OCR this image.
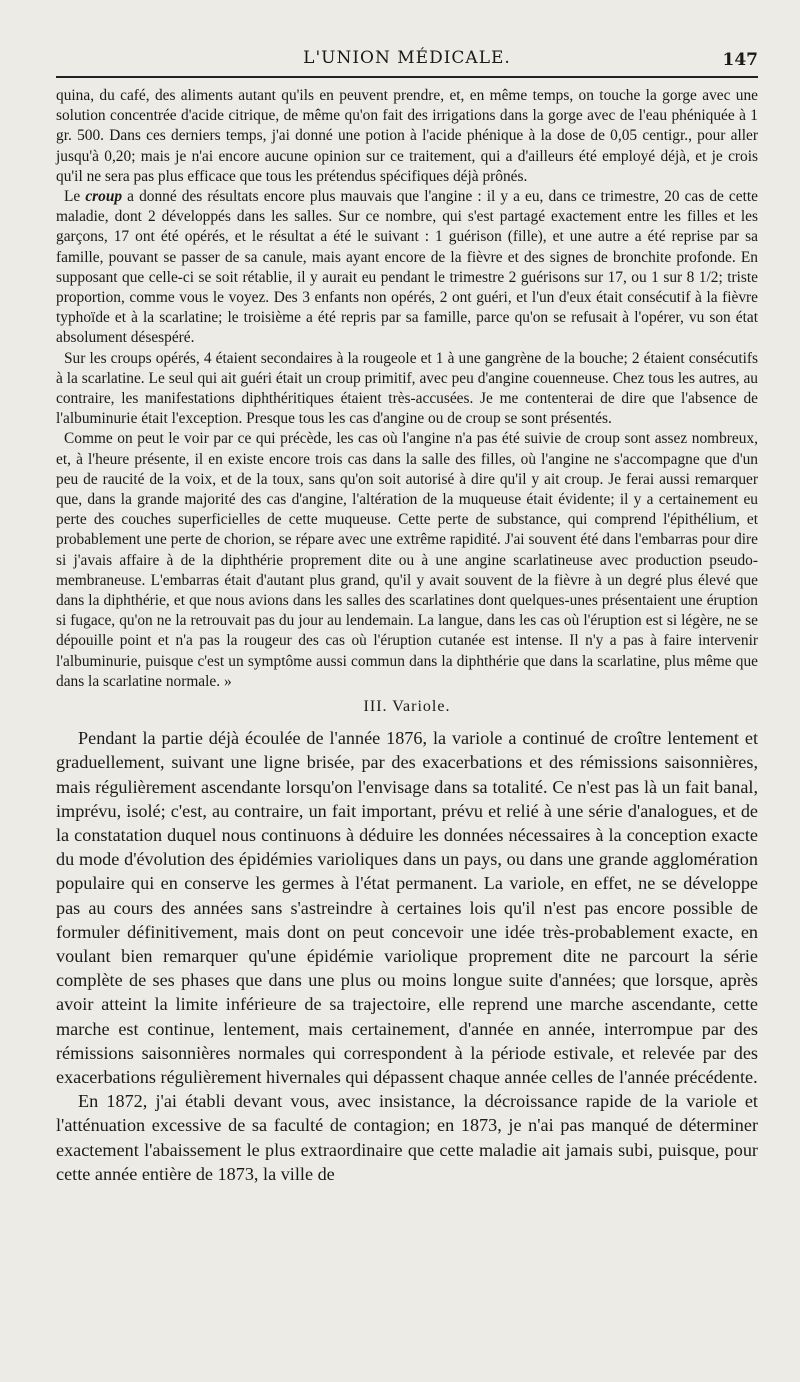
L'UNION MÉDICALE.	147

quina, du café, des aliments autant qu'ils en peuvent prendre, et, en même temps, on touche la gorge avec une solution concentrée d'acide citrique, de même qu'on fait des irrigations dans la gorge avec de l'eau phéniquée à 1 gr. 500. Dans ces derniers temps, j'ai donné une potion à l'acide phénique à la dose de 0,05 centigr., pour aller jusqu'à 0,20; mais je n'ai encore aucune opinion sur ce traitement, qui a d'ailleurs été employé déjà, et je crois qu'il ne sera pas plus efficace que tous les prétendus spécifiques déjà prônés.

Le croup a donné des résultats encore plus mauvais que l'angine : il y a eu, dans ce trimestre, 20 cas de cette maladie, dont 2 développés dans les salles. Sur ce nombre, qui s'est partagé exactement entre les filles et les garçons, 17 ont été opérés, et le résultat a été le suivant : 1 guérison (fille), et une autre a été reprise par sa famille, pouvant se passer de sa canule, mais ayant encore de la fièvre et des signes de bronchite profonde. En supposant que celle-ci se soit rétablie, il y aurait eu pendant le trimestre 2 guérisons sur 17, ou 1 sur 8 1/2; triste proportion, comme vous le voyez. Des 3 enfants non opérés, 2 ont guéri, et l'un d'eux était consécutif à la fièvre typhoïde et à la scarlatine; le troisième a été repris par sa famille, parce qu'on se refusait à l'opérer, vu son état absolument désespéré.

Sur les croups opérés, 4 étaient secondaires à la rougeole et 1 à une gangrène de la bouche; 2 étaient consécutifs à la scarlatine. Le seul qui ait guéri était un croup primitif, avec peu d'angine couenneuse. Chez tous les autres, au contraire, les manifestations diphthéritiques étaient très-accusées. Je me contenterai de dire que l'absence de l'albuminurie était l'exception. Presque tous les cas d'angine ou de croup se sont présentés.

Comme on peut le voir par ce qui précède, les cas où l'angine n'a pas été suivie de croup sont assez nombreux, et, à l'heure présente, il en existe encore trois cas dans la salle des filles, où l'angine ne s'accompagne que d'un peu de raucité de la voix, et de la toux, sans qu'on soit autorisé à dire qu'il y ait croup. Je ferai aussi remarquer que, dans la grande majorité des cas d'angine, l'altération de la muqueuse était évidente; il y a certainement eu perte des couches superficielles de cette muqueuse. Cette perte de substance, qui comprend l'épithélium, et probablement une perte de chorion, se répare avec une extrême rapidité. J'ai souvent été dans l'embarras pour dire si j'avais affaire à de la diphthérie proprement dite ou à une angine scarlatineuse avec production pseudo-membraneuse. L'embarras était d'autant plus grand, qu'il y avait souvent de la fièvre à un degré plus élevé que dans la diphthérie, et que nous avions dans les salles des scarlatines dont quelques-unes présentaient une éruption si fugace, qu'on ne la retrouvait pas du jour au lendemain. La langue, dans les cas où l'éruption est si légère, ne se dépouille point et n'a pas la rougeur des cas où l'éruption cutanée est intense. Il n'y a pas à faire intervenir l'albuminurie, puisque c'est un symptôme aussi commun dans la diphthérie que dans la scarlatine, plus même que dans la scarlatine normale. »

III. Variole.

Pendant la partie déjà écoulée de l'année 1876, la variole a continué de croître lentement et graduellement, suivant une ligne brisée, par des exacerbations et des rémissions saisonnières, mais régulièrement ascendante lorsqu'on l'envisage dans sa totalité. Ce n'est pas là un fait banal, imprévu, isolé; c'est, au contraire, un fait important, prévu et relié à une série d'analogues, et de la constatation duquel nous continuons à déduire les données nécessaires à la conception exacte du mode d'évolution des épidémies varioliques dans un pays, ou dans une grande agglomération populaire qui en conserve les germes à l'état permanent. La variole, en effet, ne se développe pas au cours des années sans s'astreindre à certaines lois qu'il n'est pas encore possible de formuler définitivement, mais dont on peut concevoir une idée très-probablement exacte, en voulant bien remarquer qu'une épidémie variolique proprement dite ne parcourt la série complète de ses phases que dans une plus ou moins longue suite d'années; que lorsque, après avoir atteint la limite inférieure de sa trajectoire, elle reprend une marche ascendante, cette marche est continue, lentement, mais certainement, d'année en année, interrompue par des rémissions saisonnières normales qui correspondent à la période estivale, et relevée par des exacerbations régulièrement hivernales qui dépassent chaque année celles de l'année précédente.

En 1872, j'ai établi devant vous, avec insistance, la décroissance rapide de la variole et l'atténuation excessive de sa faculté de contagion; en 1873, je n'ai pas manqué de déterminer exactement l'abaissement le plus extraordinaire que cette maladie ait jamais subi, puisque, pour cette année entière de 1873, la ville de
